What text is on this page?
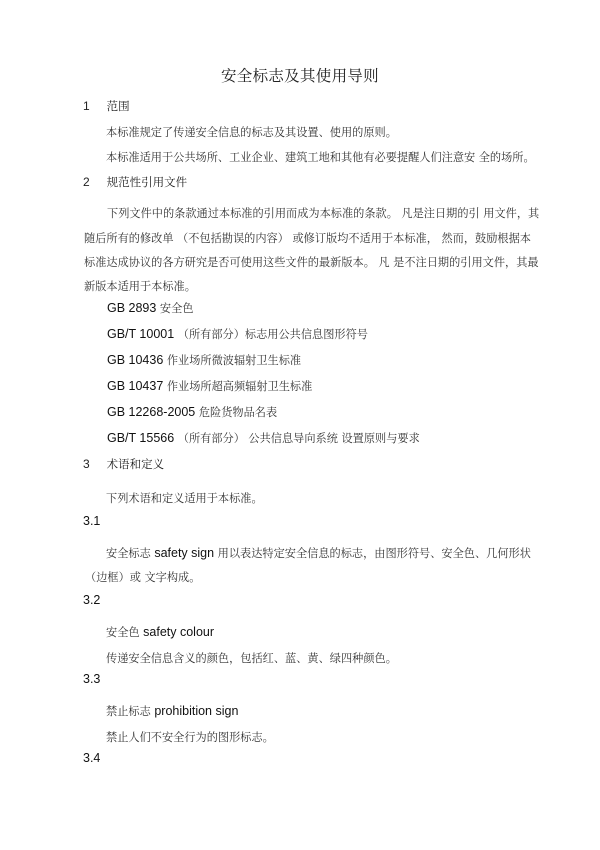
安全标志及其使用导则
1 范围
本标准规定了传递安全信息的标志及其设置、使用的原则。
本标准适用于公共场所、工业企业、建筑工地和其他有必要提醒人们注意安 全的场所。
2 规范性引用文件
下列文件中的条款通过本标准的引用而成为本标准的条款。 凡是注日期的引 用文件，其
随后所有的修改单 （不包括勘误的内容） 或修订版均不适用于本标准， 然而，鼓励根据本
标准达成协议的各方研究是否可使用这些文件的最新版本。 凡 是不注日期的引用文件，其最
新版本适用于本标准。
GB 2893 安全色
GB/T 10001 （所有部分）标志用公共信息图形符号
GB 10436 作业场所微波辐射卫生标准
GB 10437 作业场所超高频辐射卫生标准
GB 12268-2005 危险货物品名表
GB/T 15566 （所有部分） 公共信息导向系统 设置原则与要求
3 术语和定义
下列术语和定义适用于本标准。
3.1
安全标志 safety sign 用以表达特定安全信息的标志，由图形符号、安全色、几何形状
（边框）或 文字构成。
3.2
安全色 safety colour
传递安全信息含义的颜色，包括红、蓝、黄、绿四种颜色。
3.3
禁止标志 prohibition sign
禁止人们不安全行为的图形标志。
3.4
